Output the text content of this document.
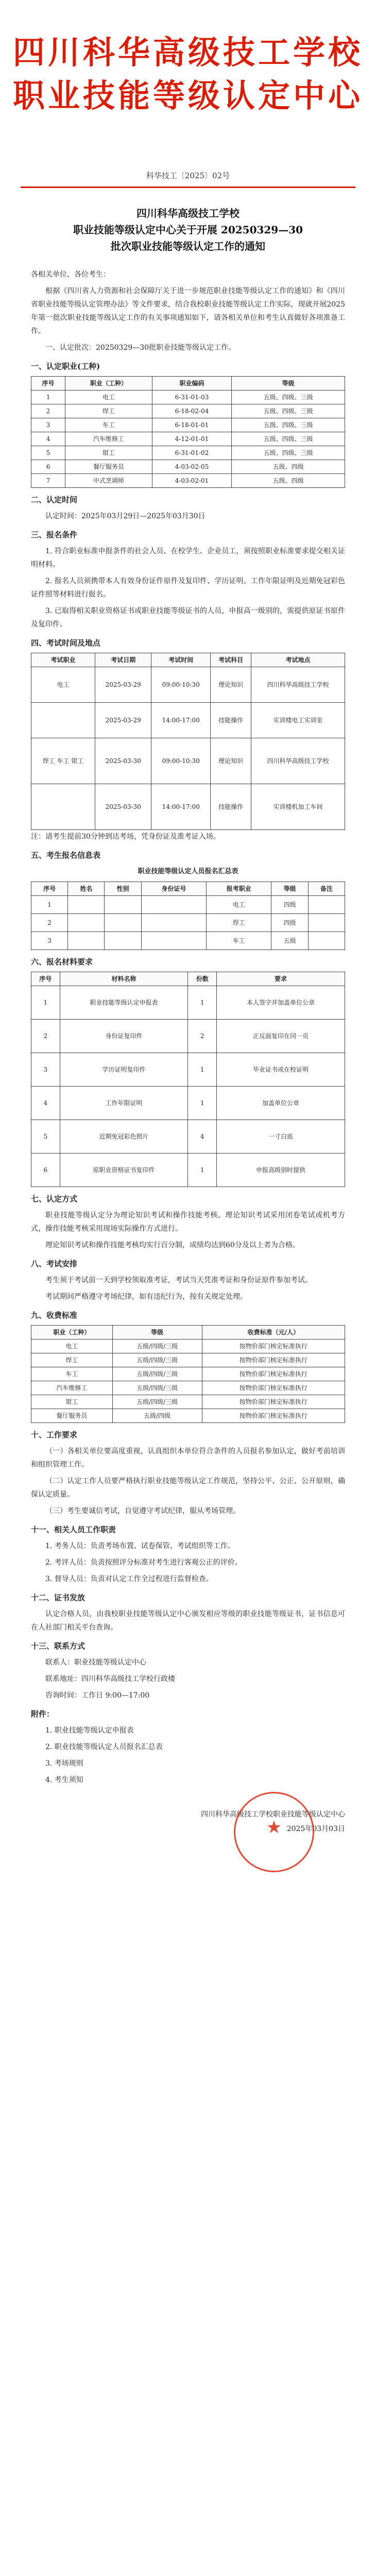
四川科华高级技工学校
职业技能等级认定中心
科华技工〔2025〕02号
四川科华高级技工学校
职业技能等级认定中心关于开展 20250329—30
批次职业技能等级认定工作的通知

各相关单位、各位考生：

根据《四川省人力资源和社会保障厅关于进一步规范职业技能等级认定工作的通知》和《四川省职业技能等级认定管理办法》等文件要求，结合我校职业技能等级认定工作实际，现就开展2025年第一批次职业技能等级认定工作的有关事项通知如下，请各相关单位和考生认真做好各项准备工作。

一、认定批次：20250329—30批职业技能等级认定工作。

一、认定职业(工种)
序号	职业（工种）	职业编码	等级
1	电工	6-31-01-03	五级、四级、三级
2	焊工	6-18-02-04	五级、四级、三级
3	车工	6-18-01-01	五级、四级、三级
4	汽车维修工	4-12-01-01	五级、四级、三级
5	钳工	6-31-01-02	五级、四级、三级
6	餐厅服务员	4-03-02-05	五级、四级
7	中式烹调师	4-03-02-01	五级、四级
二、认定时间

认定时间：2025年03月29日—2025年03月30日

三、报名条件

1. 符合职业标准申报条件的社会人员、在校学生、企业员工，须按照职业标准要求提交相关证明材料。

2. 报名人员须携带本人有效身份证件原件及复印件、学历证明、工作年限证明及近期免冠彩色证件照等材料进行报名。

3. 已取得相关职业资格证书或职业技能等级证书的人员，申报高一级别的，需提供原证书原件及复印件。

四、考试时间及地点
考试职业	考试日期	考试时间	考试科目	考试地点
电工	2025-03-29	09:00-10:30	理论知识	四川科华高级技工学校
	2025-03-29	14:00-17:00	技能操作	实训楼电工实训室
焊工 车工 钳工	2025-03-30	09:00-10:30	理论知识	四川科华高级技工学校
	2025-03-30	14:00-17:00	技能操作	实训楼机加工车间

注：请考生提前30分钟到达考场，凭身份证及准考证入场。

五、考生报名信息表
职业技能等级认定人员报名汇总表
序号	姓名	性别	身份证号	报考职业	等级	备注
1				电工	四级	
2				焊工	四级	
3				车工	五级	
六、报名材料要求
序号	材料名称	份数	要求
1	职业技能等级认定申报表	1	本人签字并加盖单位公章
2	身份证复印件	2	正反面复印在同一页
3	学历证明复印件	1	毕业证书或在校证明
4	工作年限证明	1	加盖单位公章
5	近期免冠彩色照片	4	一寸白底
6	原职业资格证书复印件	1	申报高级别时提供
七、认定方式

职业技能等级认定分为理论知识考试和操作技能考核。理论知识考试采用闭卷笔试或机考方式，操作技能考核采用现场实际操作方式进行。

理论知识考试和操作技能考核均实行百分制，成绩均达到60分及以上者为合格。

八、考试安排

考生须于考试前一天到学校领取准考证，考试当天凭准考证和身份证原件参加考试。

考试期间严格遵守考场纪律，如有违纪行为，按有关规定处理。

九、收费标准
职业（工种）	等级	收费标准（元/人）
电工	五级/四级/三级	按物价部门核定标准执行
焊工	五级/四级/三级	按物价部门核定标准执行
车工	五级/四级/三级	按物价部门核定标准执行
汽车维修工	五级/四级/三级	按物价部门核定标准执行
钳工	五级/四级/三级	按物价部门核定标准执行
餐厅服务员	五级/四级	按物价部门核定标准执行
十、工作要求

（一）各相关单位要高度重视，认真组织本单位符合条件的人员报名参加认定，做好考前培训和组织管理工作。

（二）认定工作人员要严格执行职业技能等级认定工作规范，坚持公平、公正、公开原则，确保认定质量。

（三）考生要诚信考试，自觉遵守考试纪律，服从考场管理。

十一、相关人员工作职责

1. 考务人员：负责考场布置、试卷保管、考试组织等工作。

2. 考评人员：负责按照评分标准对考生进行客观公正的评价。

3. 督导人员：负责对认定工作全过程进行监督检查。

十二、证书发放

认定合格人员，由我校职业技能等级认定中心颁发相应等级的职业技能等级证书，证书信息可在人社部门相关平台查询。

十三、联系方式

联系人：职业技能等级认定中心

联系地址：四川科华高级技工学校行政楼

咨询时间：工作日 9:00—17:00

附件：

1. 职业技能等级认定申报表

2. 职业技能等级认定人员报名汇总表

3. 考场规则

4. 考生须知

★
四川科华高级技工学校职业技能等级认定中心
2025年03月03日
